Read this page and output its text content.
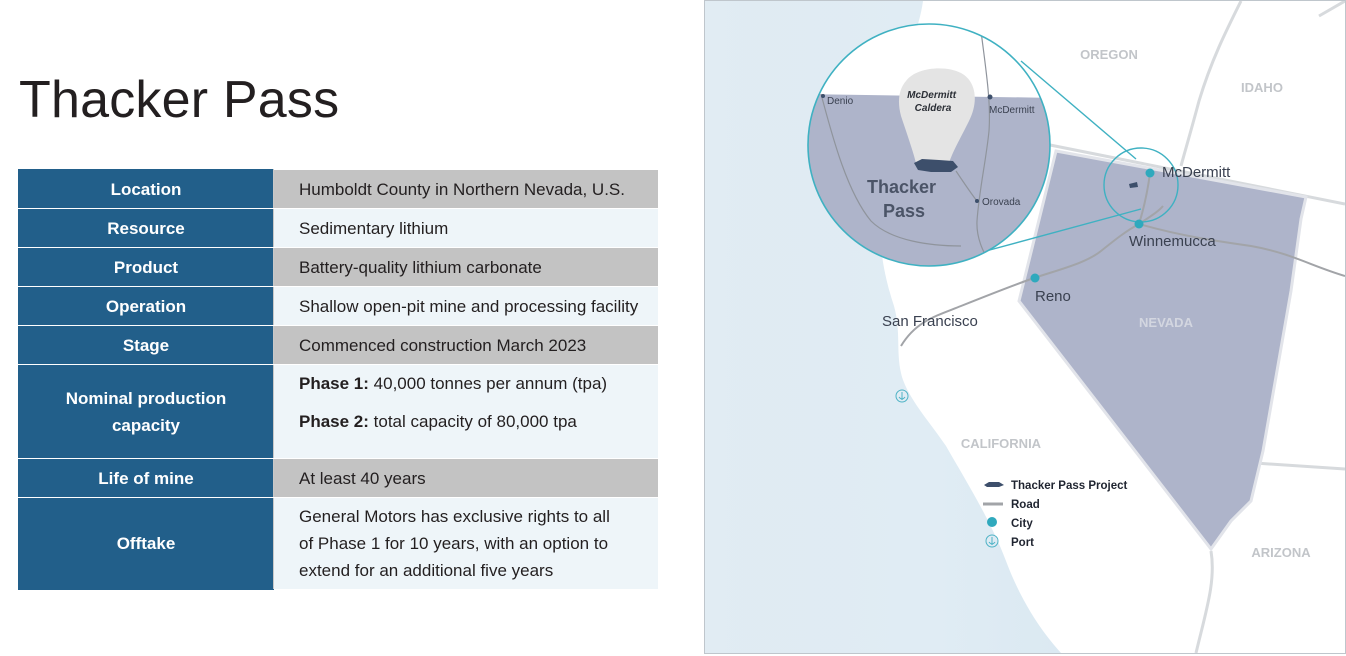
Thacker Pass
Location	Humboldt County in Northern Nevada, U.S.
Resource	Sedimentary lithium
Product	Battery-quality lithium carbonate
Operation	Shallow open-pit mine and processing facility
Stage	Commenced construction March 2023
Nominal production capacity	Phase 1: 40,000 tonnes per annum (tpa)

Phase 2: total capacity of 80,000 tpa

Life of mine	At least 40 years
Offtake	General Motors has exclusive rights to all of Phase 1 for 10 years, with an option to extend for an additional five years
OREGON
IDAHO
NEVADA
CALIFORNIA
ARIZONA
McDermitt
Winnemucca
Reno
San Francisco
McDermitt Caldera
Denio
McDermitt
Orovada
Thacker Pass
Thacker Pass Project
Road
City
Port
